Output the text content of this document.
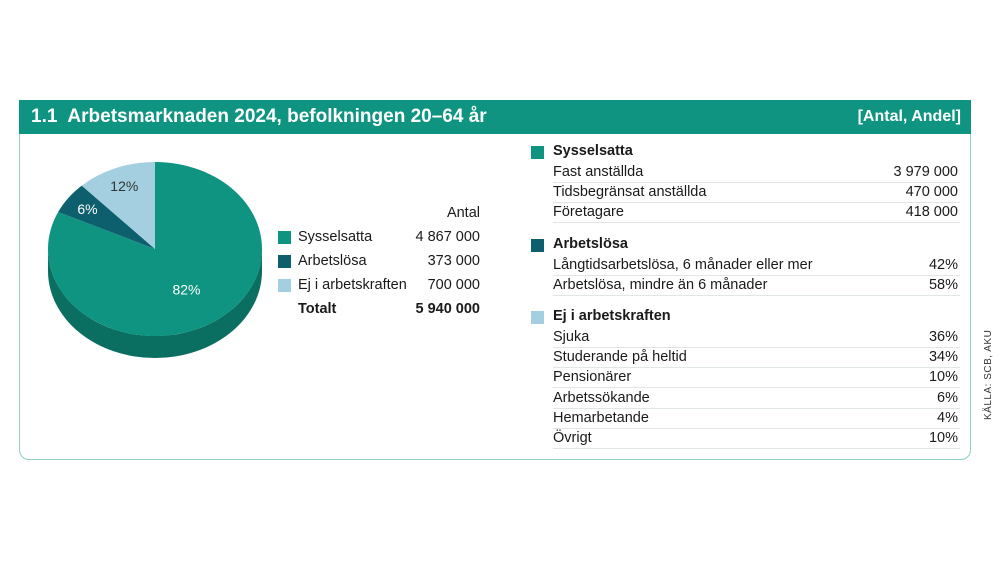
1.1 Arbetsmarknaden 2024, befolkningen 20–64 år	[Antal, Andel]
82%
6%
12%
Antal
Sysselsatta	4 867 000
Arbetslösa	373 000
Ej i arbetskraften 700 000
Totalt	5 940 000
Sysselsatta
Fast anställda	3 979 000
Tidsbegränsat anställda	470 000
Företagare	418 000
Arbetslösa
Långtidsarbetslösa, 6 månader eller mer	42%
Arbetslösa, mindre än 6 månader	58%
Ej i arbetskraften
Sjuka	36%
Studerande på heltid	34%
Pensionärer	10%
Arbetssökande	6%
Hemarbetande	4%
Övrigt	10%
KÄLLA: SCB, AKU
